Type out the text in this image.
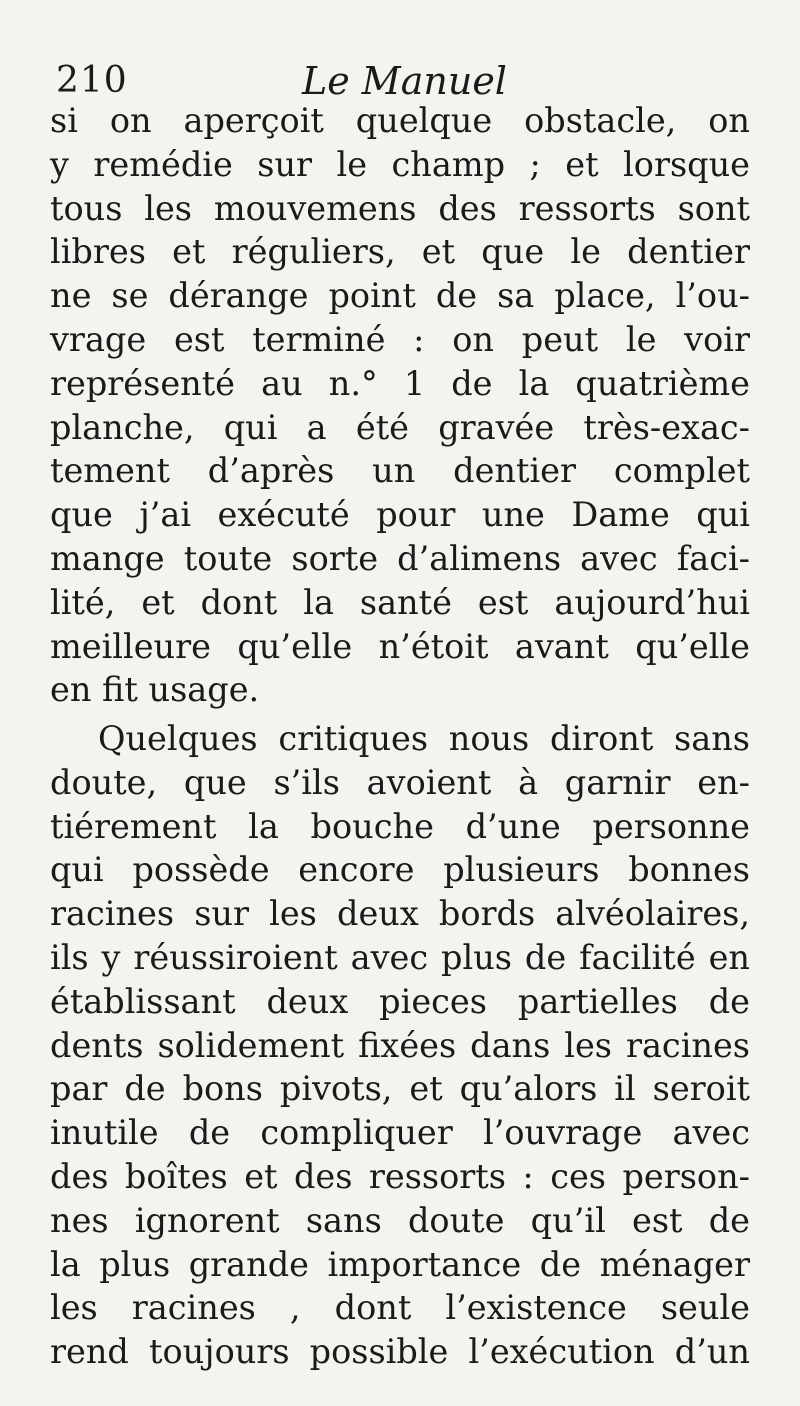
210	Le Manuel
si on aperçoit quelque obstacle, on
y remédie sur le champ ; et lorsque
tous les mouvemens des ressorts sont
libres et réguliers, et que le dentier
ne se dérange point de sa place, l’ou-
vrage est terminé : on peut le voir
représenté au n.° 1 de la quatrième
planche, qui a été gravée très-exac-
tement d’après un dentier complet
que j’ai exécuté pour une Dame qui
mange toute sorte d’alimens avec faci-
lité, et dont la santé est aujourd’hui
meilleure qu’elle n’étoit avant qu’elle
en fit usage.
Quelques critiques nous diront sans
doute, que s’ils avoient à garnir en-
tiérement la bouche d’une personne
qui possède encore plusieurs bonnes
racines sur les deux bords alvéolaires,
ils y réussiroient avec plus de facilité en
établissant deux pieces partielles de
dents solidement fixées dans les racines
par de bons pivots, et qu’alors il seroit
inutile de compliquer l’ouvrage avec
des boîtes et des ressorts : ces person-
nes ignorent sans doute qu’il est de
la plus grande importance de ménager
les racines , dont l’existence seule
rend toujours possible l’exécution d’un
